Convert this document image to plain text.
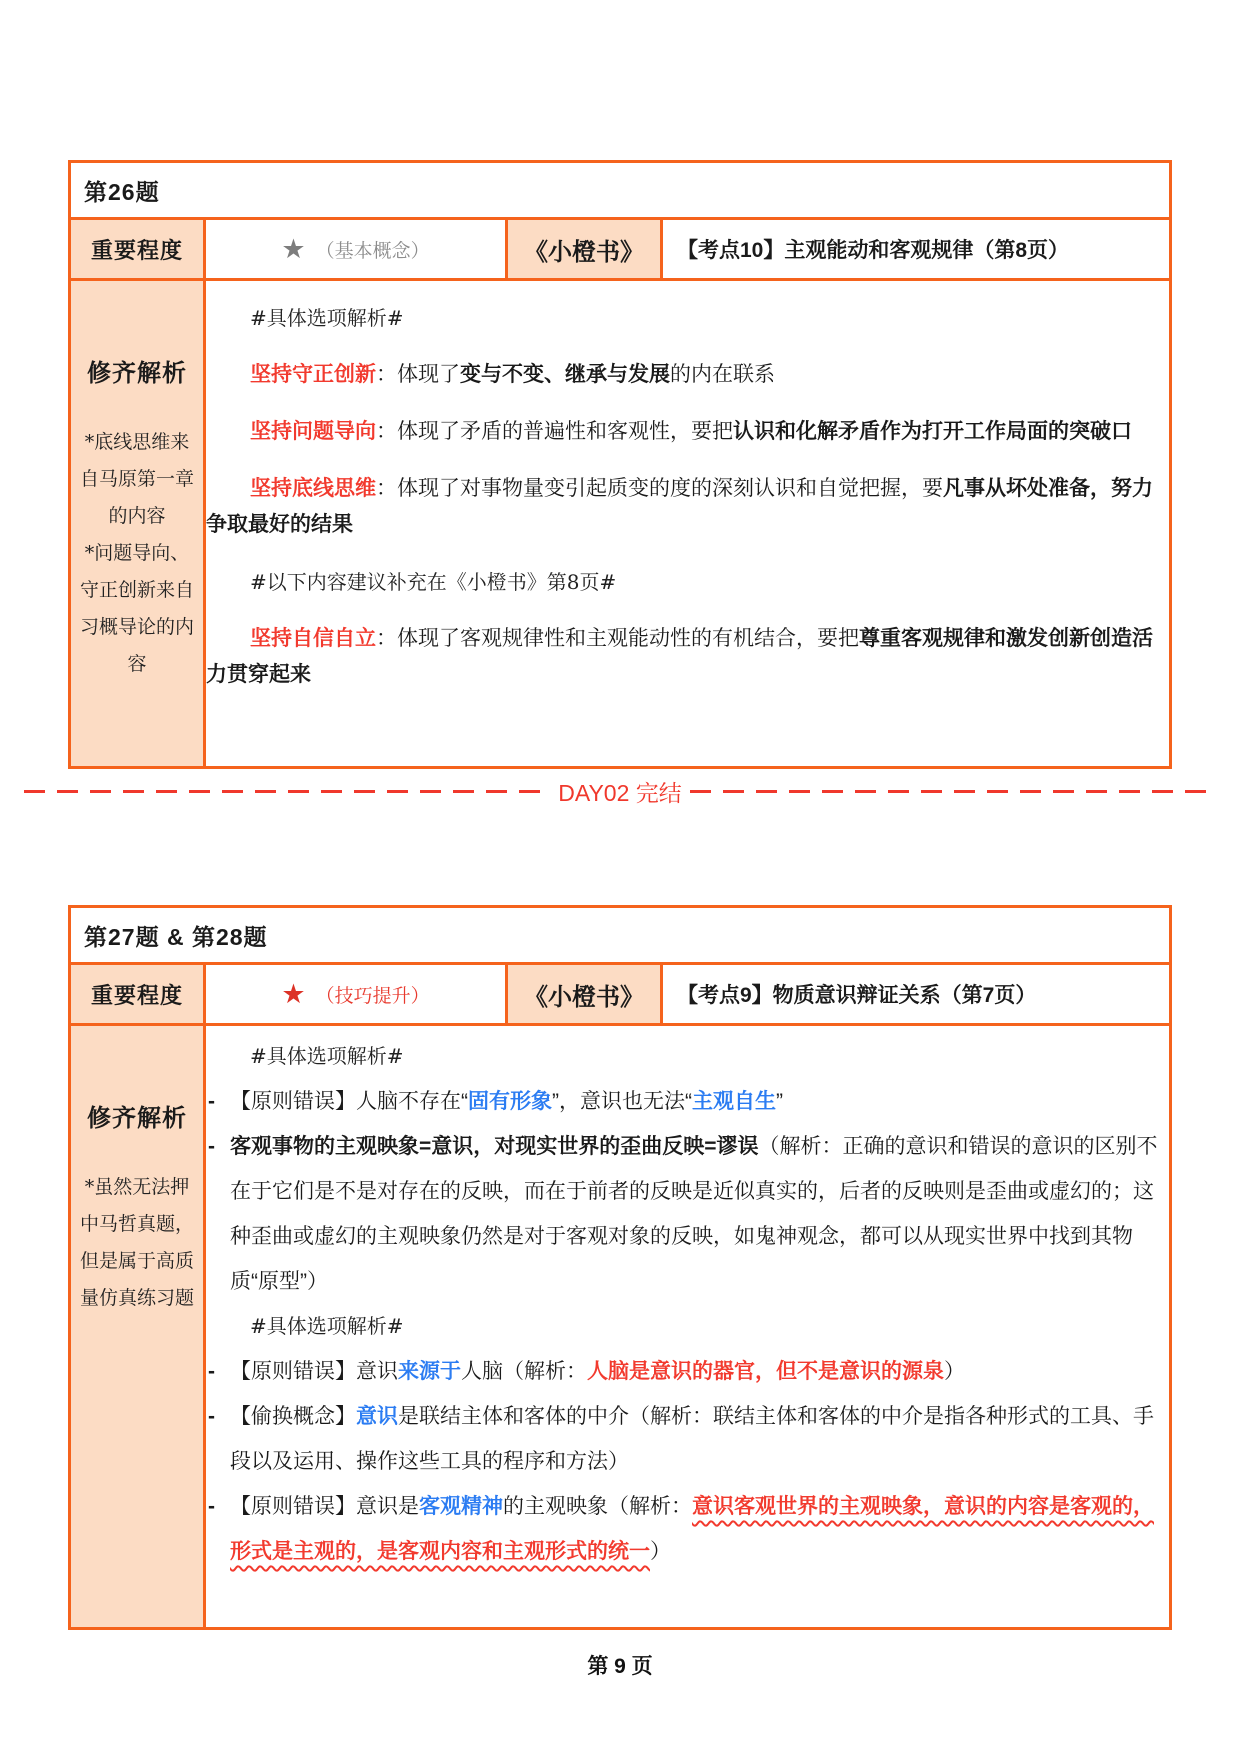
第26题
重要程度	★ （基本概念）	《小橙书》	【考点10】主观能动和客观规律（第8页）
修齐解析
*底线思维来自马原第一章的内容
*问题导向、守正创新来自习概导论的内容
#具体选项解析#
坚持守正创新：体现了变与不变、继承与发展的内在联系
坚持问题导向：体现了矛盾的普遍性和客观性，要把认识和化解矛盾作为打开工作局面的突破口
坚持底线思维：体现了对事物量变引起质变的度的深刻认识和自觉把握，要凡事从坏处准备，努力争取最好的结果
#以下内容建议补充在《小橙书》第8页#
坚持自信自立：体现了客观规律性和主观能动性的有机结合，要把尊重客观规律和激发创新创造活力贯穿起来
DAY02 完结
第27题 & 第28题
重要程度	★ （技巧提升）	《小橙书》	【考点9】物质意识辩证关系（第7页）
修齐解析
*虽然无法押中马哲真题，但是属于高质量仿真练习题
#具体选项解析#
- 【原则错误】人脑不存在“固有形象”，意识也无法“主观自生”
- 客观事物的主观映象=意识，对现实世界的歪曲反映=谬误（解析：正确的意识和错误的意识的区别不在于它们是不是对存在的反映，而在于前者的反映是近似真实的，后者的反映则是歪曲或虚幻的；这种歪曲或虚幻的主观映象仍然是对于客观对象的反映，如鬼神观念，都可以从现实世界中找到其物质“原型”）
#具体选项解析#
- 【原则错误】意识来源于人脑（解析：人脑是意识的器官，但不是意识的源泉）
- 【偷换概念】意识是联结主体和客体的中介（解析：联结主体和客体的中介是指各种形式的工具、手段以及运用、操作这些工具的程序和方法）
- 【原则错误】意识是客观精神的主观映象（解析：意识客观世界的主观映象，意识的内容是客观的，形式是主观的，是客观内容和主观形式的统一）
第 9 页
